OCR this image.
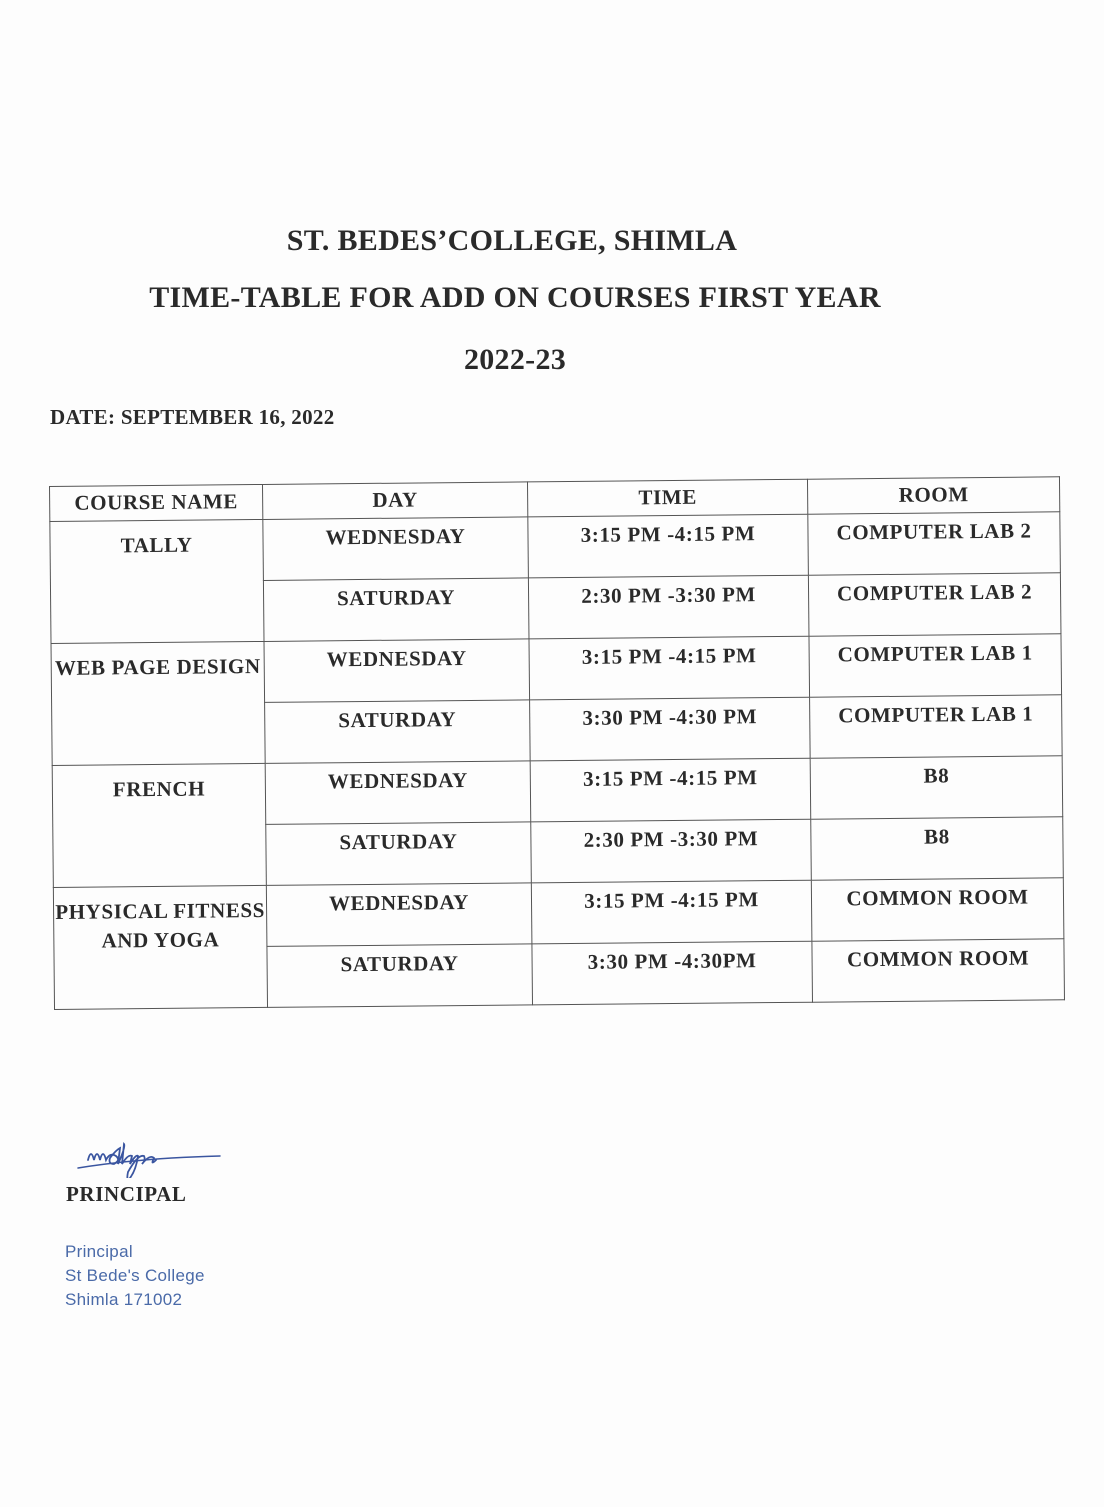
ST. BEDES’COLLEGE, SHIMLA
TIME-TABLE FOR ADD ON COURSES FIRST YEAR
2022-23
DATE: SEPTEMBER 16, 2022
COURSE NAME	DAY	TIME	ROOM
TALLY	WEDNESDAY	3:15 PM -4:15 PM	COMPUTER LAB 2
	SATURDAY	2:30 PM -3:30 PM	COMPUTER LAB 2
WEB PAGE DESIGN	WEDNESDAY	3:15 PM -4:15 PM	COMPUTER LAB 1
	SATURDAY	3:30 PM -4:30 PM	COMPUTER LAB 1
FRENCH	WEDNESDAY	3:15 PM -4:15 PM	B8
	SATURDAY	2:30 PM -3:30 PM	B8
PHYSICAL FITNESS AND YOGA	WEDNESDAY	3:15 PM -4:15 PM	COMMON ROOM
	SATURDAY	3:30 PM -4:30PM	COMMON ROOM
PRINCIPAL
Principal
St Bede's College
Shimla 171002
